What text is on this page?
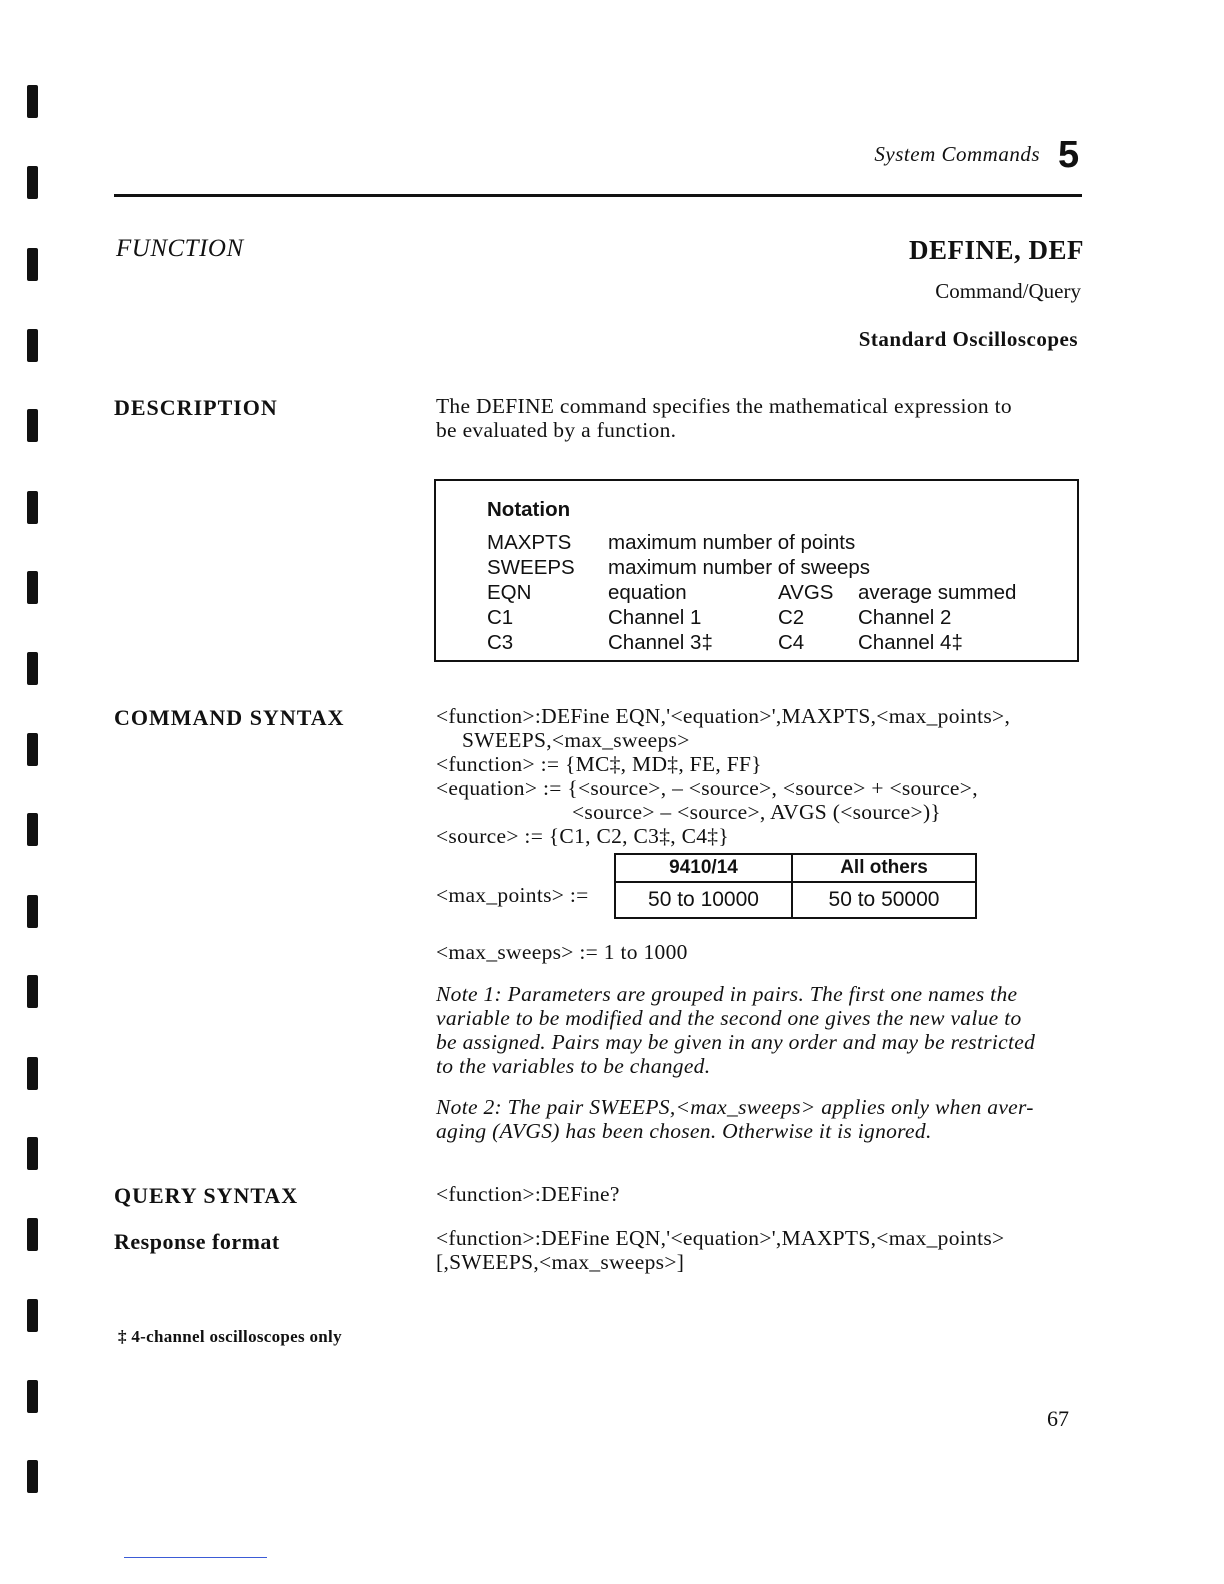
System Commands 5
FUNCTION	DEFINE, DEF
Command/Query
Standard Oscilloscopes
DESCRIPTION	The DEFINE command specifies the mathematical expression to
be evaluated by a function.
Notation
MAXPTS maximum number of points
SWEEPS maximum number of sweeps
EQN	equation	AVGS average summed
C1	Channel 1	C2	Channel 2
C3	Channel 3‡	C4	Channel 4‡
COMMAND SYNTAX	<function>:DEFine EQN,'<equation>',MAXPTS,<max_points>,
SWEEPS,<max_sweeps>
<function> := {MC‡, MD‡, FE, FF}
<equation> := {<source>, – <source>, <source> + <source>,
<source> – <source>, AVGS (<source>)}
<source> := {C1, C2, C3‡, C4‡}
<max_points> :=
9410/14	All others
50 to 10000	50 to 50000
<max_sweeps> := 1 to 1000
Note 1: Parameters are grouped in pairs. The first one names the
variable to be modified and the second one gives the new value to
be assigned. Pairs may be given in any order and may be restricted
to the variables to be changed.
Note 2: The pair SWEEPS,<max_sweeps> applies only when aver-
aging (AVGS) has been chosen. Otherwise it is ignored.
QUERY SYNTAX	<function>:DEFine?
Response format	<function>:DEFine EQN,'<equation>',MAXPTS,<max_points>
[,SWEEPS,<max_sweeps>]
‡ 4-channel oscilloscopes only
67
